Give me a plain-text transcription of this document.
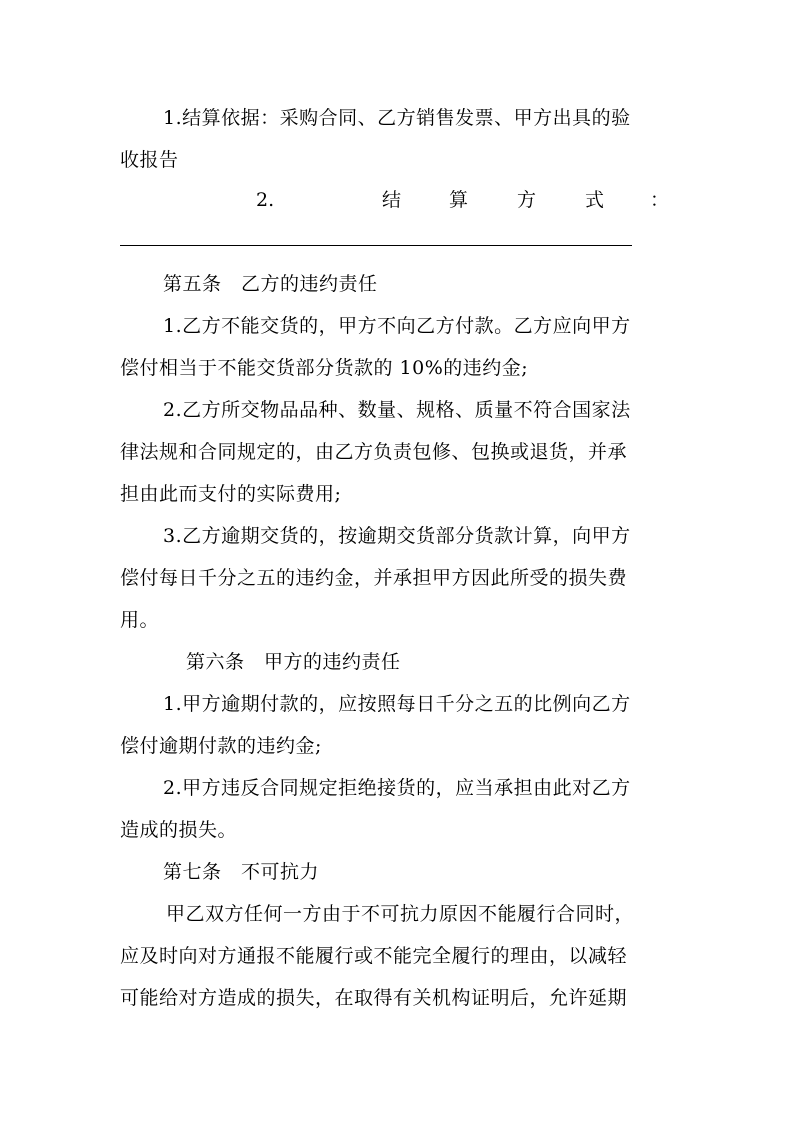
1.结算依据：采购合同、乙方销售发票、甲方出具的验
收报告
2.	结	算	方	式 ：
第五条　乙方的违约责任
1.乙方不能交货的，甲方不向乙方付款。乙方应向甲方
偿付相当于不能交货部分货款的 10%的违约金;
2.乙方所交物品品种、数量、规格、质量不符合国家法
律法规和合同规定的，由乙方负责包修、包换或退货，并承
担由此而支付的实际费用;
3.乙方逾期交货的，按逾期交货部分货款计算，向甲方
偿付每日千分之五的违约金，并承担甲方因此所受的损失费
用。
第六条　甲方的违约责任
1.甲方逾期付款的，应按照每日千分之五的比例向乙方
偿付逾期付款的违约金;
2.甲方违反合同规定拒绝接货的，应当承担由此对乙方
造成的损失。
第七条　不可抗力
甲乙双方任何一方由于不可抗力原因不能履行合同时，
应及时向对方通报不能履行或不能完全履行的理由，以减轻
可能给对方造成的损失，在取得有关机构证明后，允许延期
